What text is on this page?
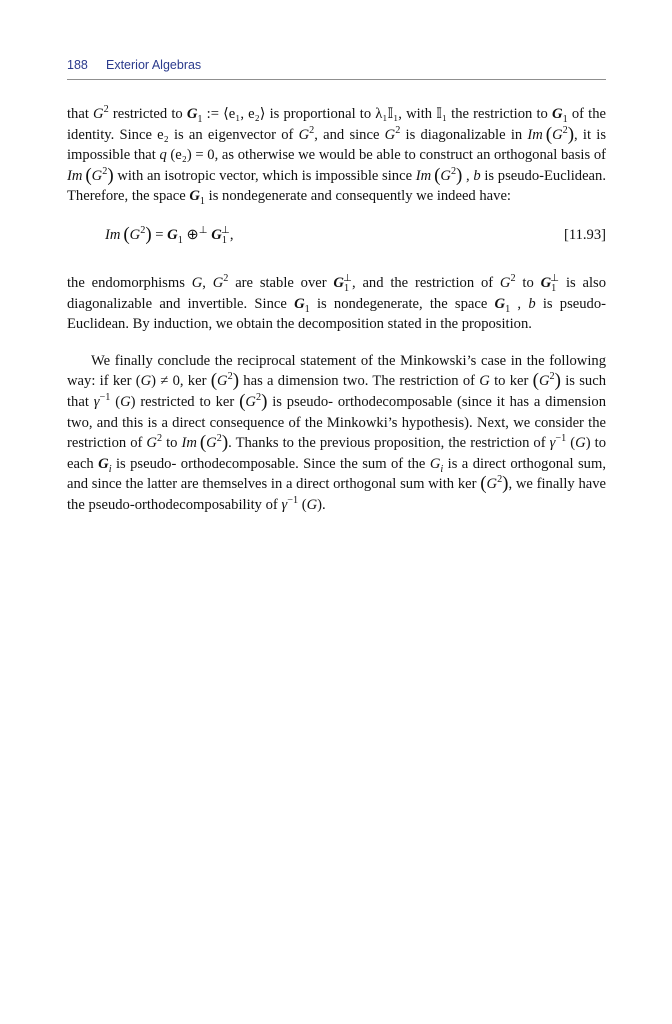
188 Exterior Algebras

that $G^2$ restricted to $G_1$ := ⟨e₁, e₂⟩ is proportional to λ₁𝕀₁, with 𝕀₁ the restriction to $G_1$ of the identity. Since e₂ is an eigenvector of $G^2$, and since $G^2$ is diagonalizable in Im  $(G^2)$, it is impossible that q (e₂) = 0, as otherwise we would be able to construct an orthogonal basis of Im  $(G^2)$ with an isotropic vector, which is impossible since Im  $(G^2)$ , b is pseudo-Euclidean. Therefore, the space $G_1$ is nondegenerate and consequently we indeed have:

Im  $(G^2) = G_1$ ⊕⊥ $G_1^\perp$,	[11.93]

the endomorphisms G, $G^2$ are stable over $G_1^\perp$, and the restriction of $G^2$ to $G_1^\perp$ is also diagonalizable and invertible. Since $G_1$ is nondegenerate, the space $G_1$ , b is pseudo- Euclidean. By induction, we obtain the decomposition stated in the proposition.

We finally conclude the reciprocal statement of the Minkowski’s case in the following way: if ker (G) ≠ 0, ker $(G^2)$ has a dimension two. The restriction of G to ker $(G^2)$ is such that $\gamma^{-1}$ (G) restricted to ker $(G^2)$ is pseudo- orthodecomposable (since it has a dimension two, and this is a direct consequence of the Minkowki’s hypothesis). Next, we consider the restriction of $G^2$ to Im  $(G^2)$. Thanks to the previous proposition, the restriction of $\gamma^{-1}$ (G) to each $G_i$ is pseudo- orthodecomposable. Since the sum of the $G_i$ is a direct orthogonal sum, and since the latter are themselves in a direct orthogonal sum with ker $(G^2)$, we finally have the pseudo-orthodecomposability of $\gamma^{-1}$ (G).
